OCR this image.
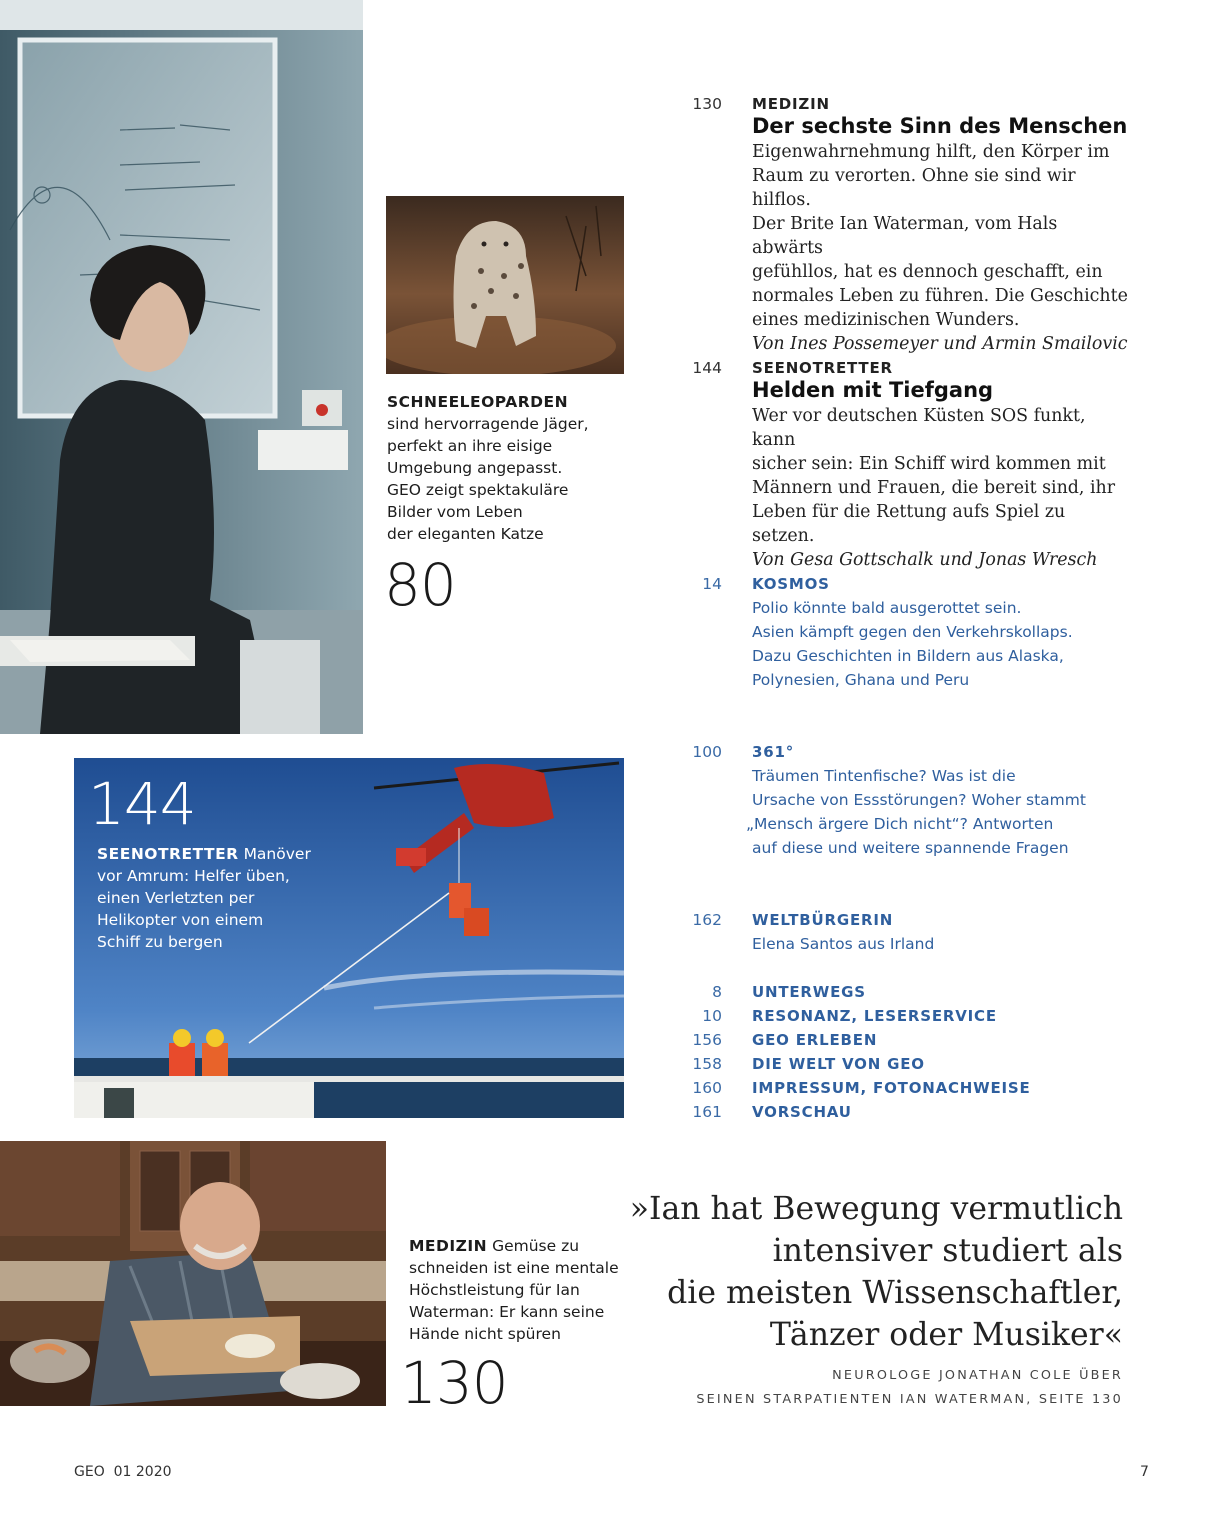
SCHNEELEOPARDEN
sind hervorragende Jäger,
perfekt an ihre eisige
Umgebung angepasst.
GEO zeigt spektakuläre
Bilder vom Leben
der eleganten Katze
80
144
SEENOTRETTER Manöver
vor Amrum: Helfer üben,
einen Verletzten per
Helikopter von einem
Schiff zu bergen
MEDIZIN Gemüse zu
schneiden ist eine mentale
Höchstleistung für Ian
Waterman: Er kann seine
Hände nicht spüren
130
130 MEDIZIN
Der sechste Sinn des Menschen
Eigenwahrnehmung hilft, den Körper im
Raum zu verorten. Ohne sie sind wir hilflos.
Der Brite Ian Waterman, vom Hals abwärts
gefühllos, hat es dennoch geschafft, ein
normales Leben zu führen. Die Geschichte
eines medizinischen Wunders.
Von Ines Possemeyer und Armin Smailovic
144 SEENOTRETTER
Helden mit Tiefgang
Wer vor deutschen Küsten SOS funkt, kann
sicher sein: Ein Schiff wird kommen mit
Männern und Frauen, die bereit sind, ihr
Leben für die Rettung aufs Spiel zu setzen.
Von Gesa Gottschalk und Jonas Wresch
14 KOSMOS
Polio könnte bald ausgerottet sein.
Asien kämpft gegen den Verkehrskollaps.
Dazu Geschichten in Bildern aus Alaska,
Polynesien, Ghana und Peru
100 361°
Träumen Tintenfische? Was ist die
Ursache von Essstörungen? Woher stammt
„Mensch ärgere Dich nicht“? Antworten
auf diese und weitere spannende Fragen
162 WELTBÜRGERIN
Elena Santos aus Irland
8 UNTERWEGS
10 RESONANZ, LESERSERVICE
156 GEO ERLEBEN
158 DIE WELT VON GEO
160 IMPRESSUM, FOTONACHWEISE
161 VORSCHAU
»Ian hat Bewegung vermutlich
intensiver studiert als
die meisten Wissenschaftler,
Tänzer oder Musiker«
NEUROLOGE JONATHAN COLE ÜBER
SEINEN STARPATIENTEN IAN WATERMAN, SEITE 130
GEO  01 2020	7
